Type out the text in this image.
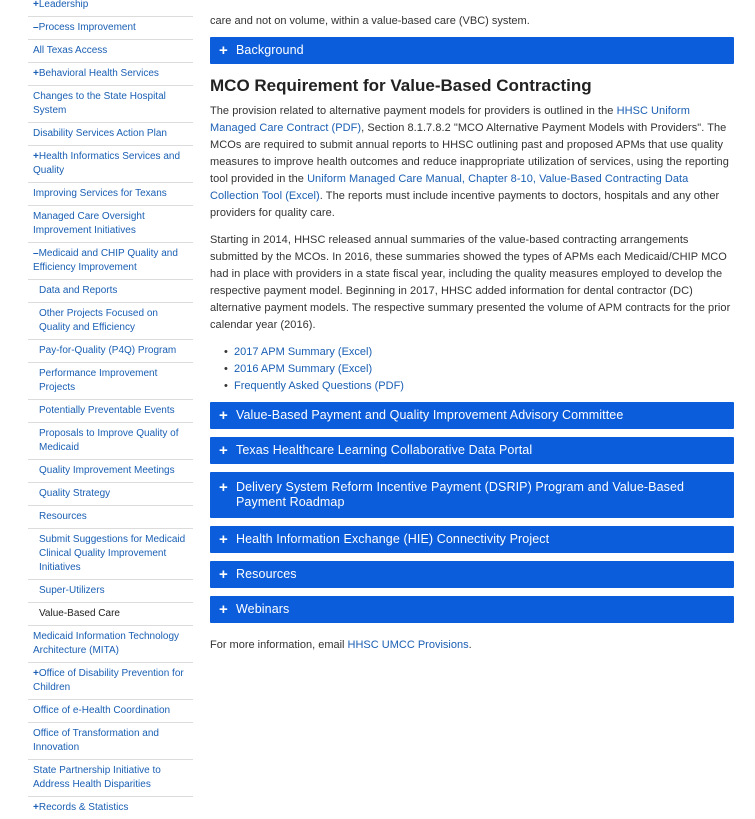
+Leadership
–Process Improvement
All Texas Access
+Behavioral Health Services
Changes to the State Hospital System
Disability Services Action Plan
+Health Informatics Services and Quality
Improving Services for Texans
Managed Care Oversight Improvement Initiatives
–Medicaid and CHIP Quality and Efficiency Improvement
Data and Reports
Other Projects Focused on Quality and Efficiency
Pay-for-Quality (P4Q) Program
Performance Improvement Projects
Potentially Preventable Events
Proposals to Improve Quality of Medicaid
Quality Improvement Meetings
Quality Strategy
Resources
Submit Suggestions for Medicaid Clinical Quality Improvement Initiatives
Super-Utilizers
Value-Based Care
Medicaid Information Technology Architecture (MITA)
+Office of Disability Prevention for Children
Office of e-Health Coordination
Office of Transformation and Innovation
State Partnership Initiative to Address Health Disparities
+Records & Statistics
care and not on volume, within a value-based care (VBC) system.
+ Background
MCO Requirement for Value-Based Contracting

The provision related to alternative payment models for providers is outlined in the HHSC Uniform Managed Care Contract (PDF), Section 8.1.7.8.2 "MCO Alternative Payment Models with Providers". The MCOs are required to submit annual reports to HHSC outlining past and proposed APMs that use quality measures to improve health outcomes and reduce inappropriate utilization of services, using the reporting tool provided in the Uniform Managed Care Manual, Chapter 8-10, Value-Based Contracting Data Collection Tool (Excel). The reports must include incentive payments to doctors, hospitals and any other providers for quality care.

Starting in 2014, HHSC released annual summaries of the value-based contracting arrangements submitted by the MCOs. In 2016, these summaries showed the types of APMs each Medicaid/CHIP MCO had in place with providers in a state fiscal year, including the quality measures employed to develop the respective payment model. Beginning in 2017, HHSC added information for dental contractor (DC) alternative payment models. The respective summary presented the volume of APM contracts for the prior calendar year (2016).

• 2017 APM Summary (Excel)
• 2016 APM Summary (Excel)
• Frequently Asked Questions (PDF)
+ Value-Based Payment and Quality Improvement Advisory Committee
+ Texas Healthcare Learning Collaborative Data Portal
+ Delivery System Reform Incentive Payment (DSRIP) Program and Value-Based Payment Roadmap
+ Health Information Exchange (HIE) Connectivity Project
+ Resources
+ Webinars
For more information, email HHSC UMCC Provisions.
